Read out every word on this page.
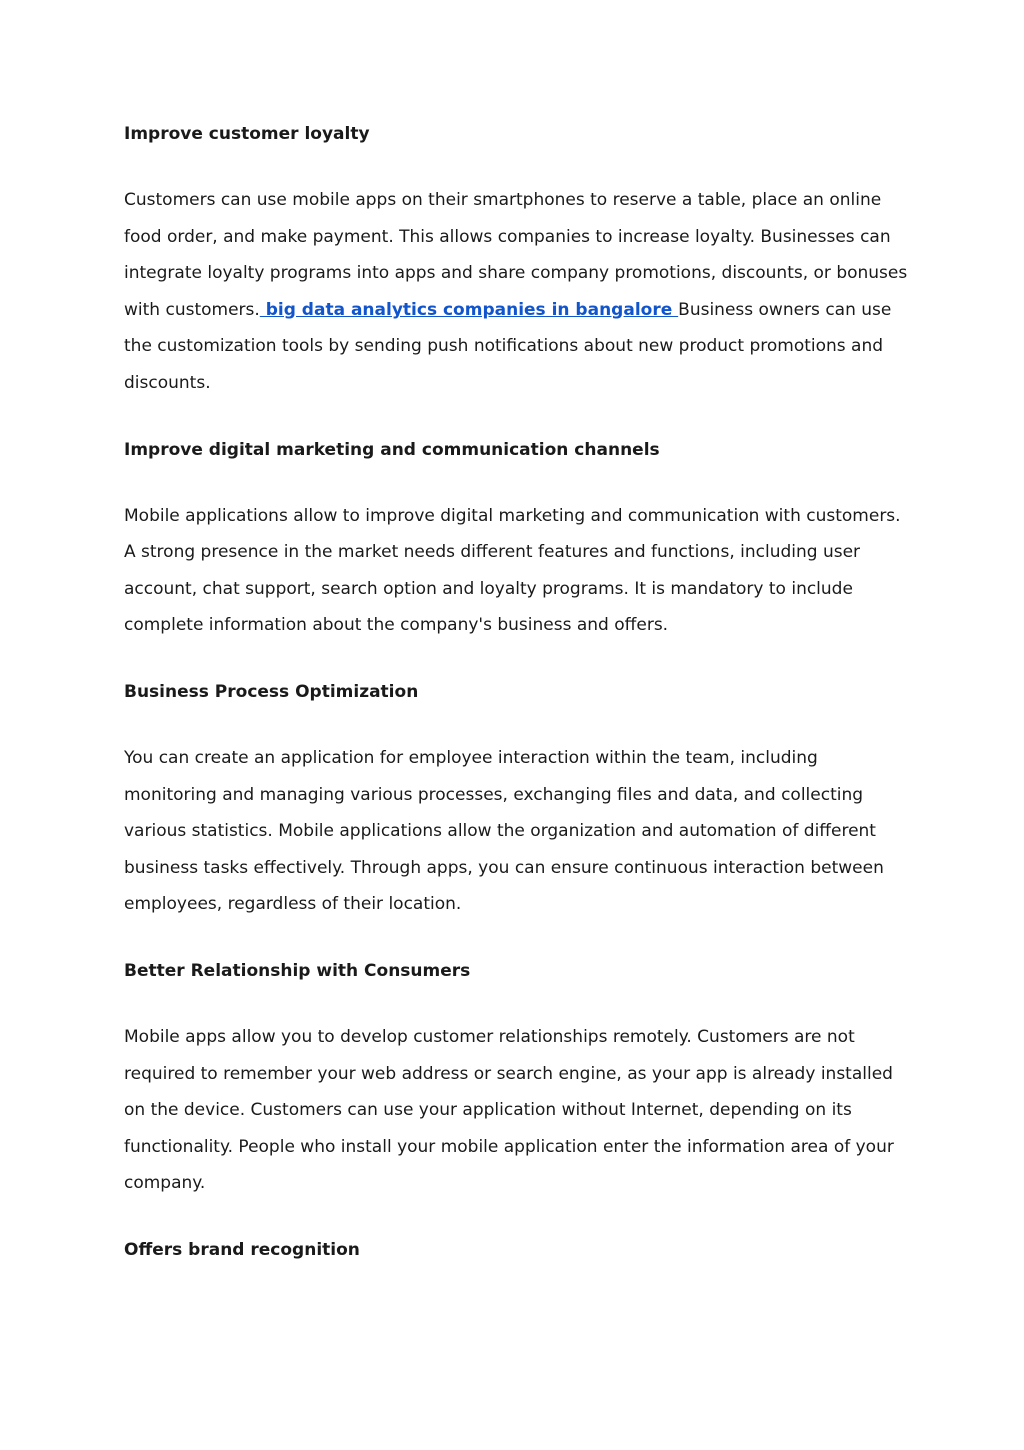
Improve customer loyalty

Customers can use mobile apps on their smartphones to reserve a table, place an online food order, and make payment. This allows companies to increase loyalty. Businesses can integrate loyalty programs into apps and share company promotions, discounts, or bonuses with customers. big data analytics companies in bangalore Business owners can use the customization tools by sending push notifications about new product promotions and discounts.

Improve digital marketing and communication channels

Mobile applications allow to improve digital marketing and communication with customers. A strong presence in the market needs different features and functions, including user account, chat support, search option and loyalty programs. It is mandatory to include complete information about the company's business and offers.

Business Process Optimization

You can create an application for employee interaction within the team, including monitoring and managing various processes, exchanging files and data, and collecting various statistics. Mobile applications allow the organization and automation of different business tasks effectively. Through apps, you can ensure continuous interaction between employees, regardless of their location.

Better Relationship with Consumers

Mobile apps allow you to develop customer relationships remotely. Customers are not required to remember your web address or search engine, as your app is already installed on the device. Customers can use your application without Internet, depending on its functionality. People who install your mobile application enter the information area of your company.

Offers brand recognition
